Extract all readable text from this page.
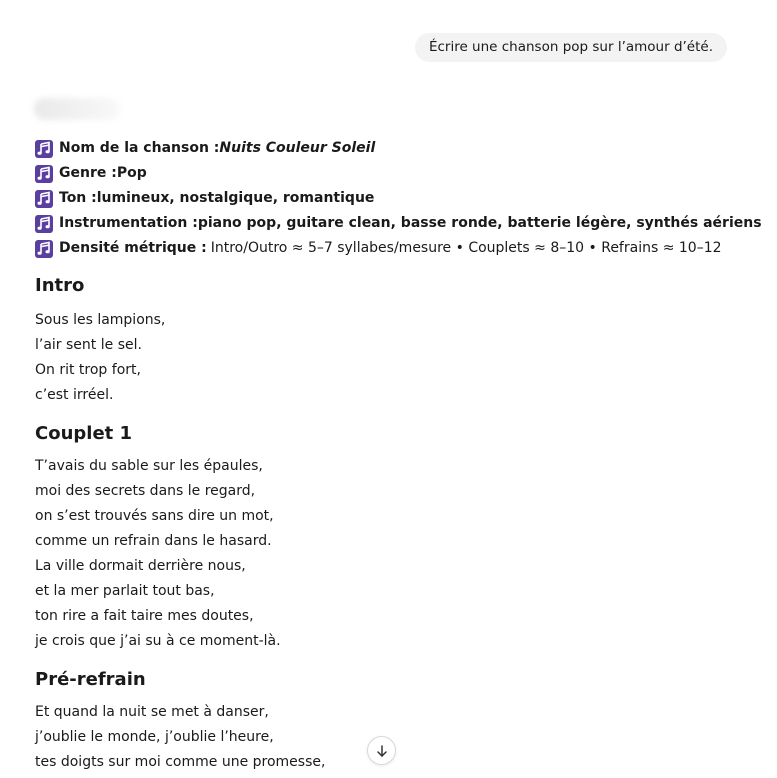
Écrire une chanson pop sur l’amour d’été.
Nom de la chanson : Nuits Couleur Soleil
Genre : Pop
Ton : lumineux, nostalgique, romantique
Instrumentation : piano pop, guitare clean, basse ronde, batterie légère, synthés aériens
Densité métrique : Intro/Outro ≈ 5–7 syllabes/mesure • Couplets ≈ 8–10 • Refrains ≈ 10–12
Intro

Sous les lampions,

l’air sent le sel.

On rit trop fort,

c’est irréel.

Couplet 1

T’avais du sable sur les épaules,

moi des secrets dans le regard,

on s’est trouvés sans dire un mot,

comme un refrain dans le hasard.

La ville dormait derrière nous,

et la mer parlait tout bas,

ton rire a fait taire mes doutes,

je crois que j’ai su à ce moment-là.

Pré-refrain

Et quand la nuit se met à danser,

j’oublie le monde, j’oublie l’heure,

tes doigts sur moi comme une promesse,
